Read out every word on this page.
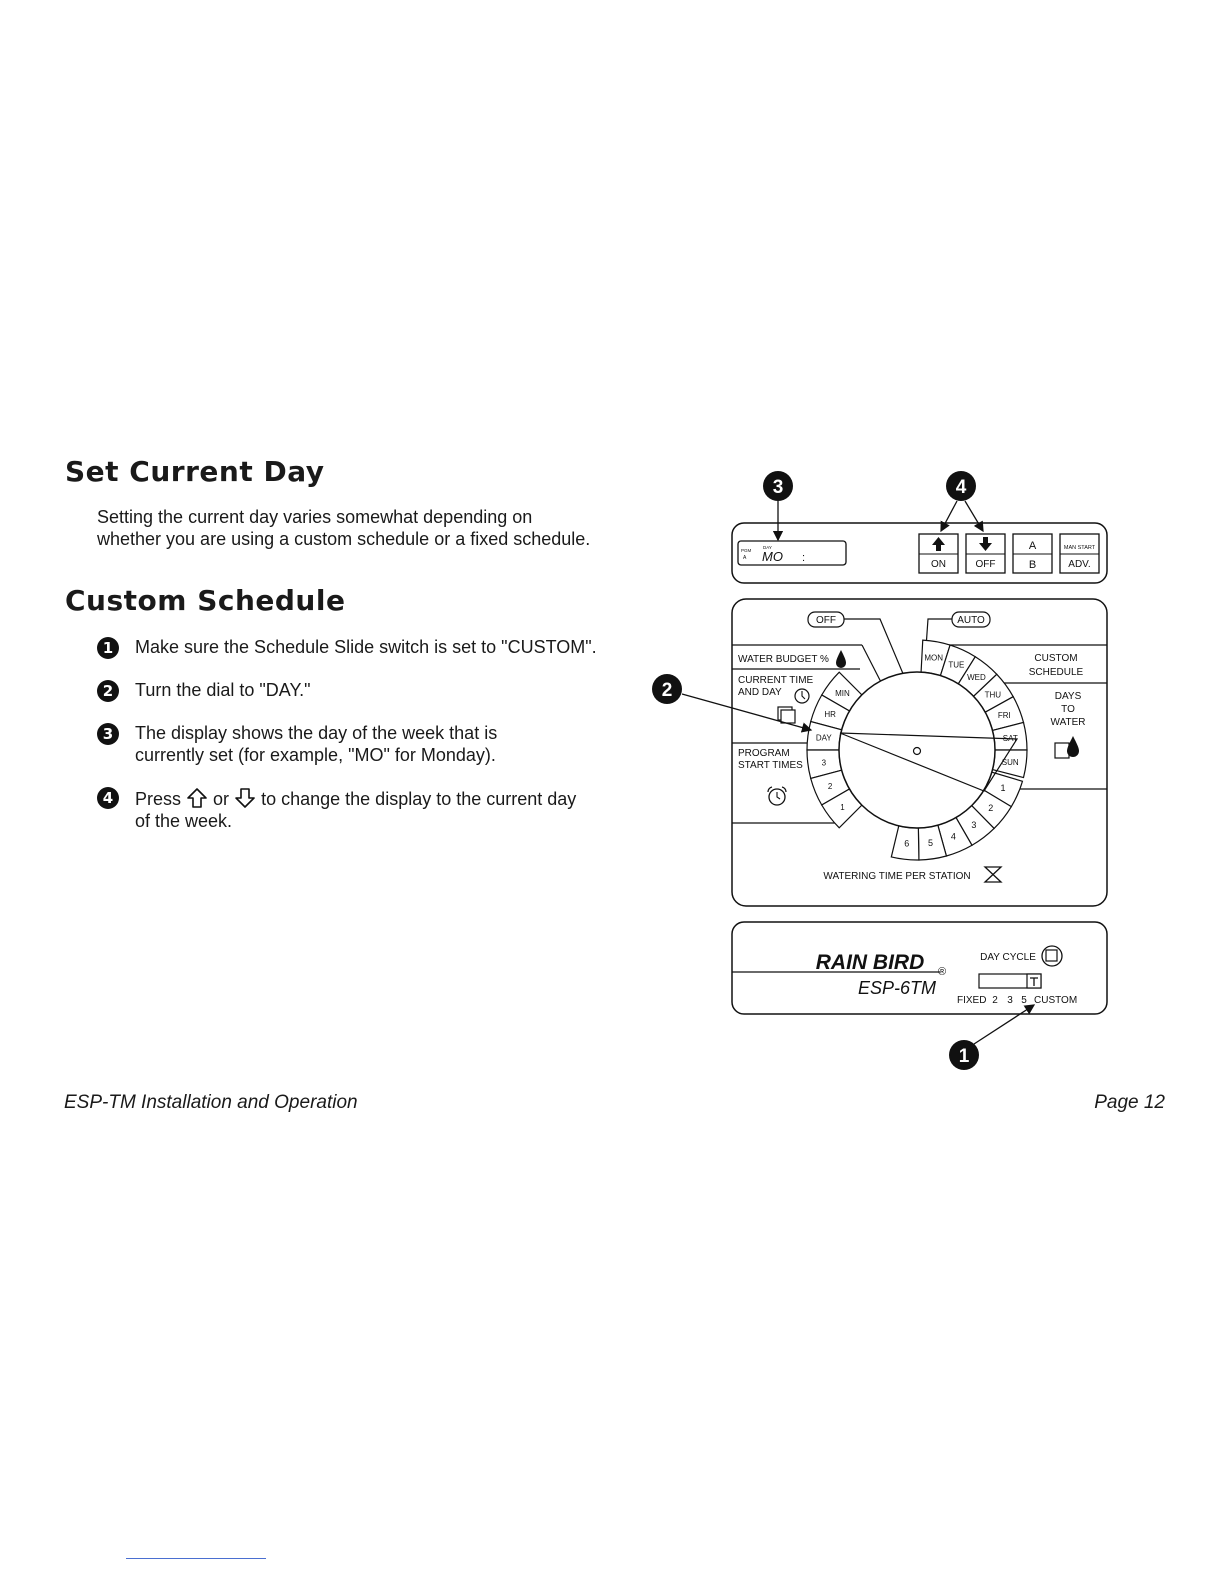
Set Current Day

Setting the current day varies somewhat depending on whether you are using a custom schedule or a fixed schedule.

Custom Schedule
1	Make sure the Schedule Slide switch is set to "CUSTOM".
2	Turn the dial to "DAY."
3	The display shows the day of the week that is currently set (for example, "MO" for Monday).
4	Press or to change the display to the current day of the week.
3	4
PGM
A
DAY
MO :
ON	OFF
A
B
MAN START
ADV.
OFF	AUTO
WATER BUDGET %
CURRENT TIME
AND DAY
PROGRAM
START TIMES
CUSTOM
SCHEDULE
DAYS
TO
WATER
MIN
HR
DAY
3
2
1
MON
TUE
WED
THU
FRI
SAT
SUN
1
2
3
4
5
6
WATERING TIME PER STATION
2
RAIN BIRD ®
ESP-6TM
DAY CYCLE
FIXED 2 3 5 CUSTOM
1
ESP-TM Installation and Operation	Page 12
